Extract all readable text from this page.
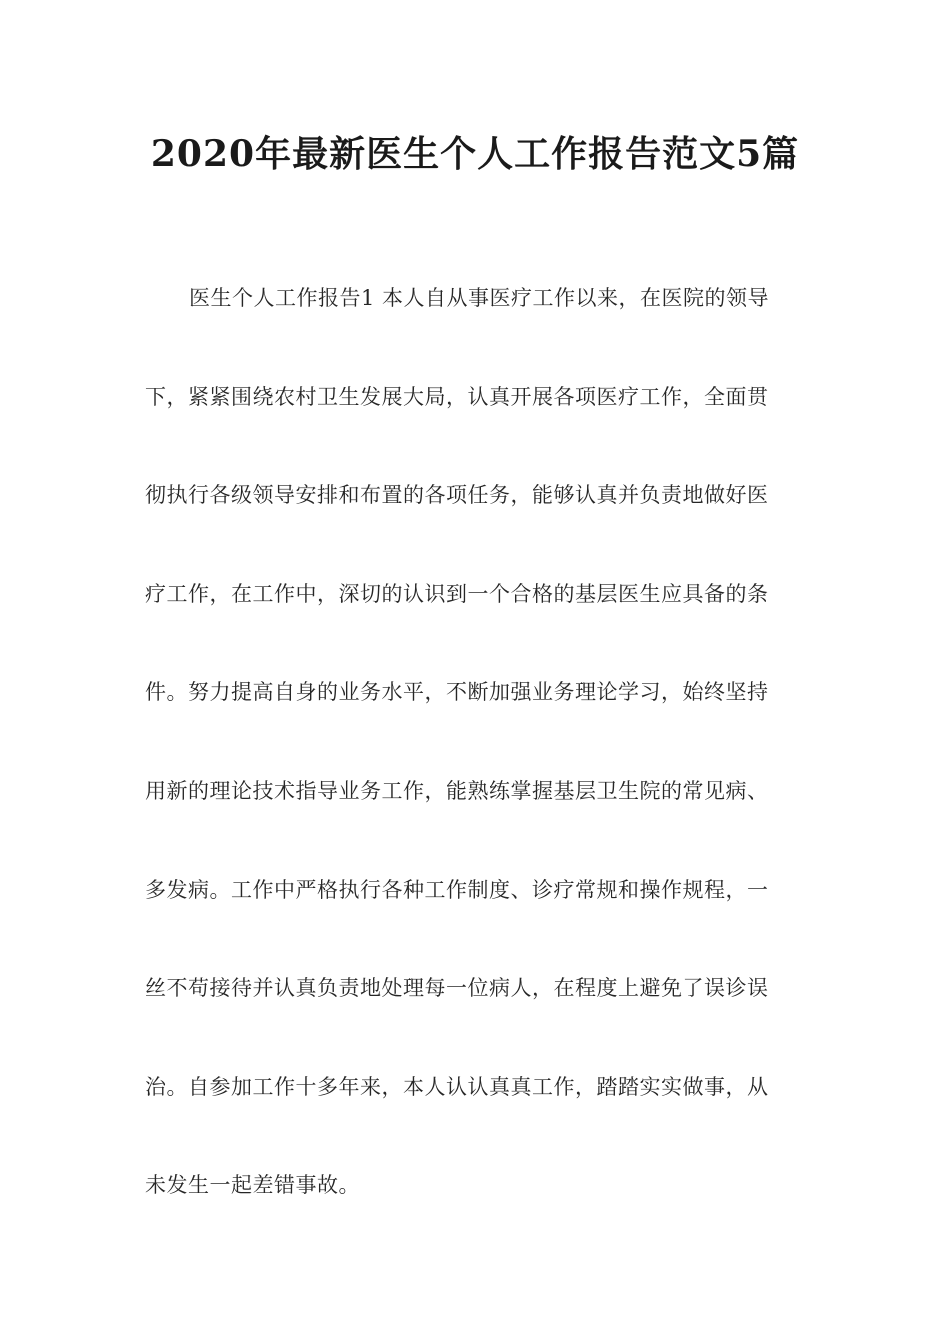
2020年最新医生个人工作报告范文5篇
医生个人工作报告1 本人自从事医疗工作以来，在医院的领导
下，紧紧围绕农村卫生发展大局，认真开展各项医疗工作，全面贯
彻执行各级领导安排和布置的各项任务，能够认真并负责地做好医
疗工作，在工作中，深切的认识到一个合格的基层医生应具备的条
件。努力提高自身的业务水平，不断加强业务理论学习，始终坚持
用新的理论技术指导业务工作，能熟练掌握基层卫生院的常见病、
多发病。工作中严格执行各种工作制度、诊疗常规和操作规程，一
丝不苟接待并认真负责地处理每一位病人，在程度上避免了误诊误
治。自参加工作十多年来，本人认认真真工作，踏踏实实做事，从
未发生一起差错事故。
